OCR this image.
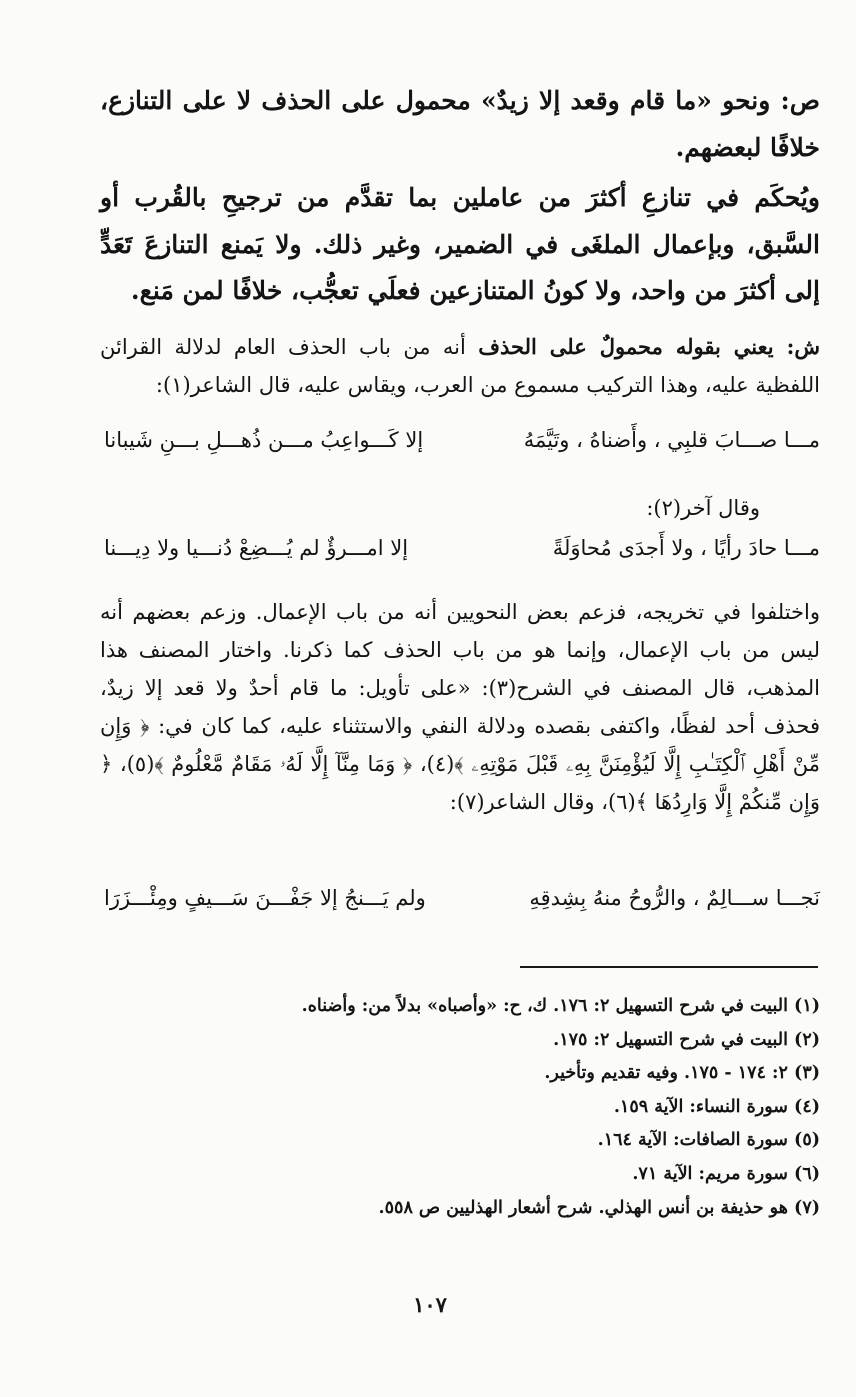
ص: ونحو «ما قام وقعد إلا زيدٌ» محمول على الحذف لا على التنازع، خلافًا لبعضهم.

ويُحكَم في تنازعِ أكثرَ من عاملين بما تقدَّم من ترجيحِ بالقُرب أو السَّبق، وبإعمال الملغَى في الضمير، وغير ذلك. ولا يَمنع التنازعَ تَعَدٍّ إلى أكثرَ من واحد، ولا كونُ المتنازعين فعلَي تعجُّب، خلافًا لمن مَنع.

ش: يعني بقوله محمولٌ على الحذف أنه من باب الحذف العام لدلالة القرائن اللفظية عليه، وهذا التركيب مسموع من العرب، ويقاس عليه، قال الشاعر(١):

مـــا صـــابَ قلبِي ، وأَضناهُ ، وتَيَّمَهُ
إلا كَـــواعِبُ مـــن ذُهـــلِ بـــنِ شَيبانا
وقال آخر(٢):
مـــا حادَ رأيًا ، ولا أَجدَى مُحاوَلَةً
إلا امـــرؤٌ لم يُـــضِعْ دُنـــيا ولا دِيـــنا

واختلفوا في تخريجه، فزعم بعض النحويين أنه من باب الإعمال. وزعم بعضهم أنه ليس من باب الإعمال، وإنما هو من باب الحذف كما ذكرنا. واختار المصنف هذا المذهب، قال المصنف في الشرح(٣): «على تأويل: ما قام أحدٌ ولا قعد إلا زيدٌ، فحذف أحد لفظًا، واكتفى بقصده ودلالة النفي والاستثناء عليه، كما كان في: ﴿ وَإِن مِّنْ أَهْلِ ٱلْكِتَـٰبِ إِلَّا لَيُؤْمِنَنَّ بِهِۦ قَبْلَ مَوْتِهِۦ ﴾(٤)، ﴿ وَمَا مِنَّآ إِلَّا لَهُۥ مَقَامٌ مَّعْلُومٌ ﴾(٥)، ﴿ وَإِن مِّنكُمْ إِلَّا وَارِدُهَا ﴾(٦)، وقال الشاعر(٧):

نَجـــا ســـالِمٌ ، والرُّوحُ منهُ بِشِدقِهِ
ولم يَـــنجُ إلا جَفْـــنَ سَـــيفٍ ومِئْـــزَرَا
(١) البيت في شرح التسهيل ٢: ١٧٦. ك، ح: «وأصباه» بدلاً من: وأضناه.
(٢) البيت في شرح التسهيل ٢: ١٧٥.
(٣) ٢: ١٧٤ - ١٧٥. وفيه تقديم وتأخير.
(٤) سورة النساء: الآية ١٥٩.
(٥) سورة الصافات: الآية ١٦٤.
(٦) سورة مريم: الآية ٧١.
(٧) هو حذيفة بن أنس الهذلي. شرح أشعار الهذليين ص ٥٥٨.
١٠٧
